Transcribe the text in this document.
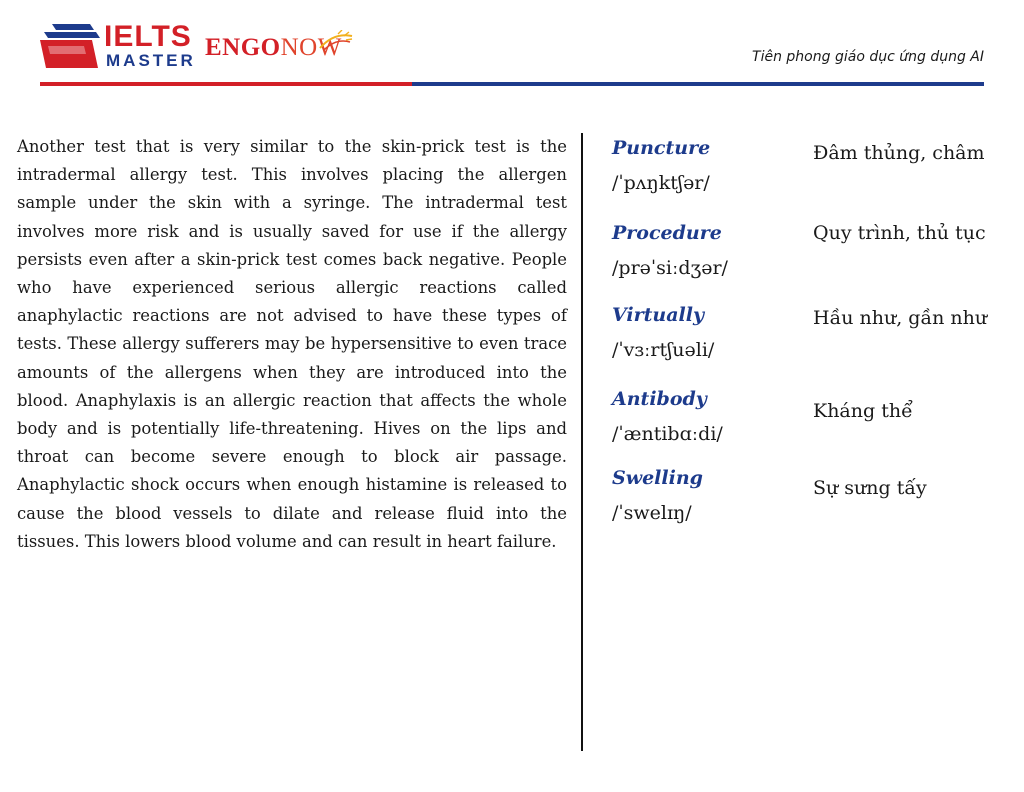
IELTS
MASTER ENGONOW	Tiên phong giáo dục ứng dụng AI

Another test that is very similar to the skin-prick test is the intradermal allergy test. This involves placing the allergen sample under the skin with a syringe. The intradermal test involves more risk and is usually saved for use if the allergy persists even after a skin-prick test comes back negative. People who have experienced serious allergic reactions called anaphylactic reactions are not advised to have these types of tests. These allergy sufferers may be hypersensitive to even trace amounts of the allergens when they are introduced into the blood. Anaphylaxis is an allergic reaction that affects the whole body and is potentially life-threatening. Hives on the lips and throat can become severe enough to block air passage. Anaphylactic shock occurs when enough histamine is released to cause the blood vessels to dilate and release fluid into the tissues. This lowers blood volume and can result in heart failure.

Puncture
/ˈpʌŋktʃər/
Đâm thủng, châm
Procedure
/prəˈsiːdʒər/
Quy trình, thủ tục
Virtually
/ˈvɜːrtʃuəli/
Hầu như, gần như
Antibody
/ˈæntibɑːdi/
Kháng thể
Swelling
/ˈswelɪŋ/
Sự sưng tấy
